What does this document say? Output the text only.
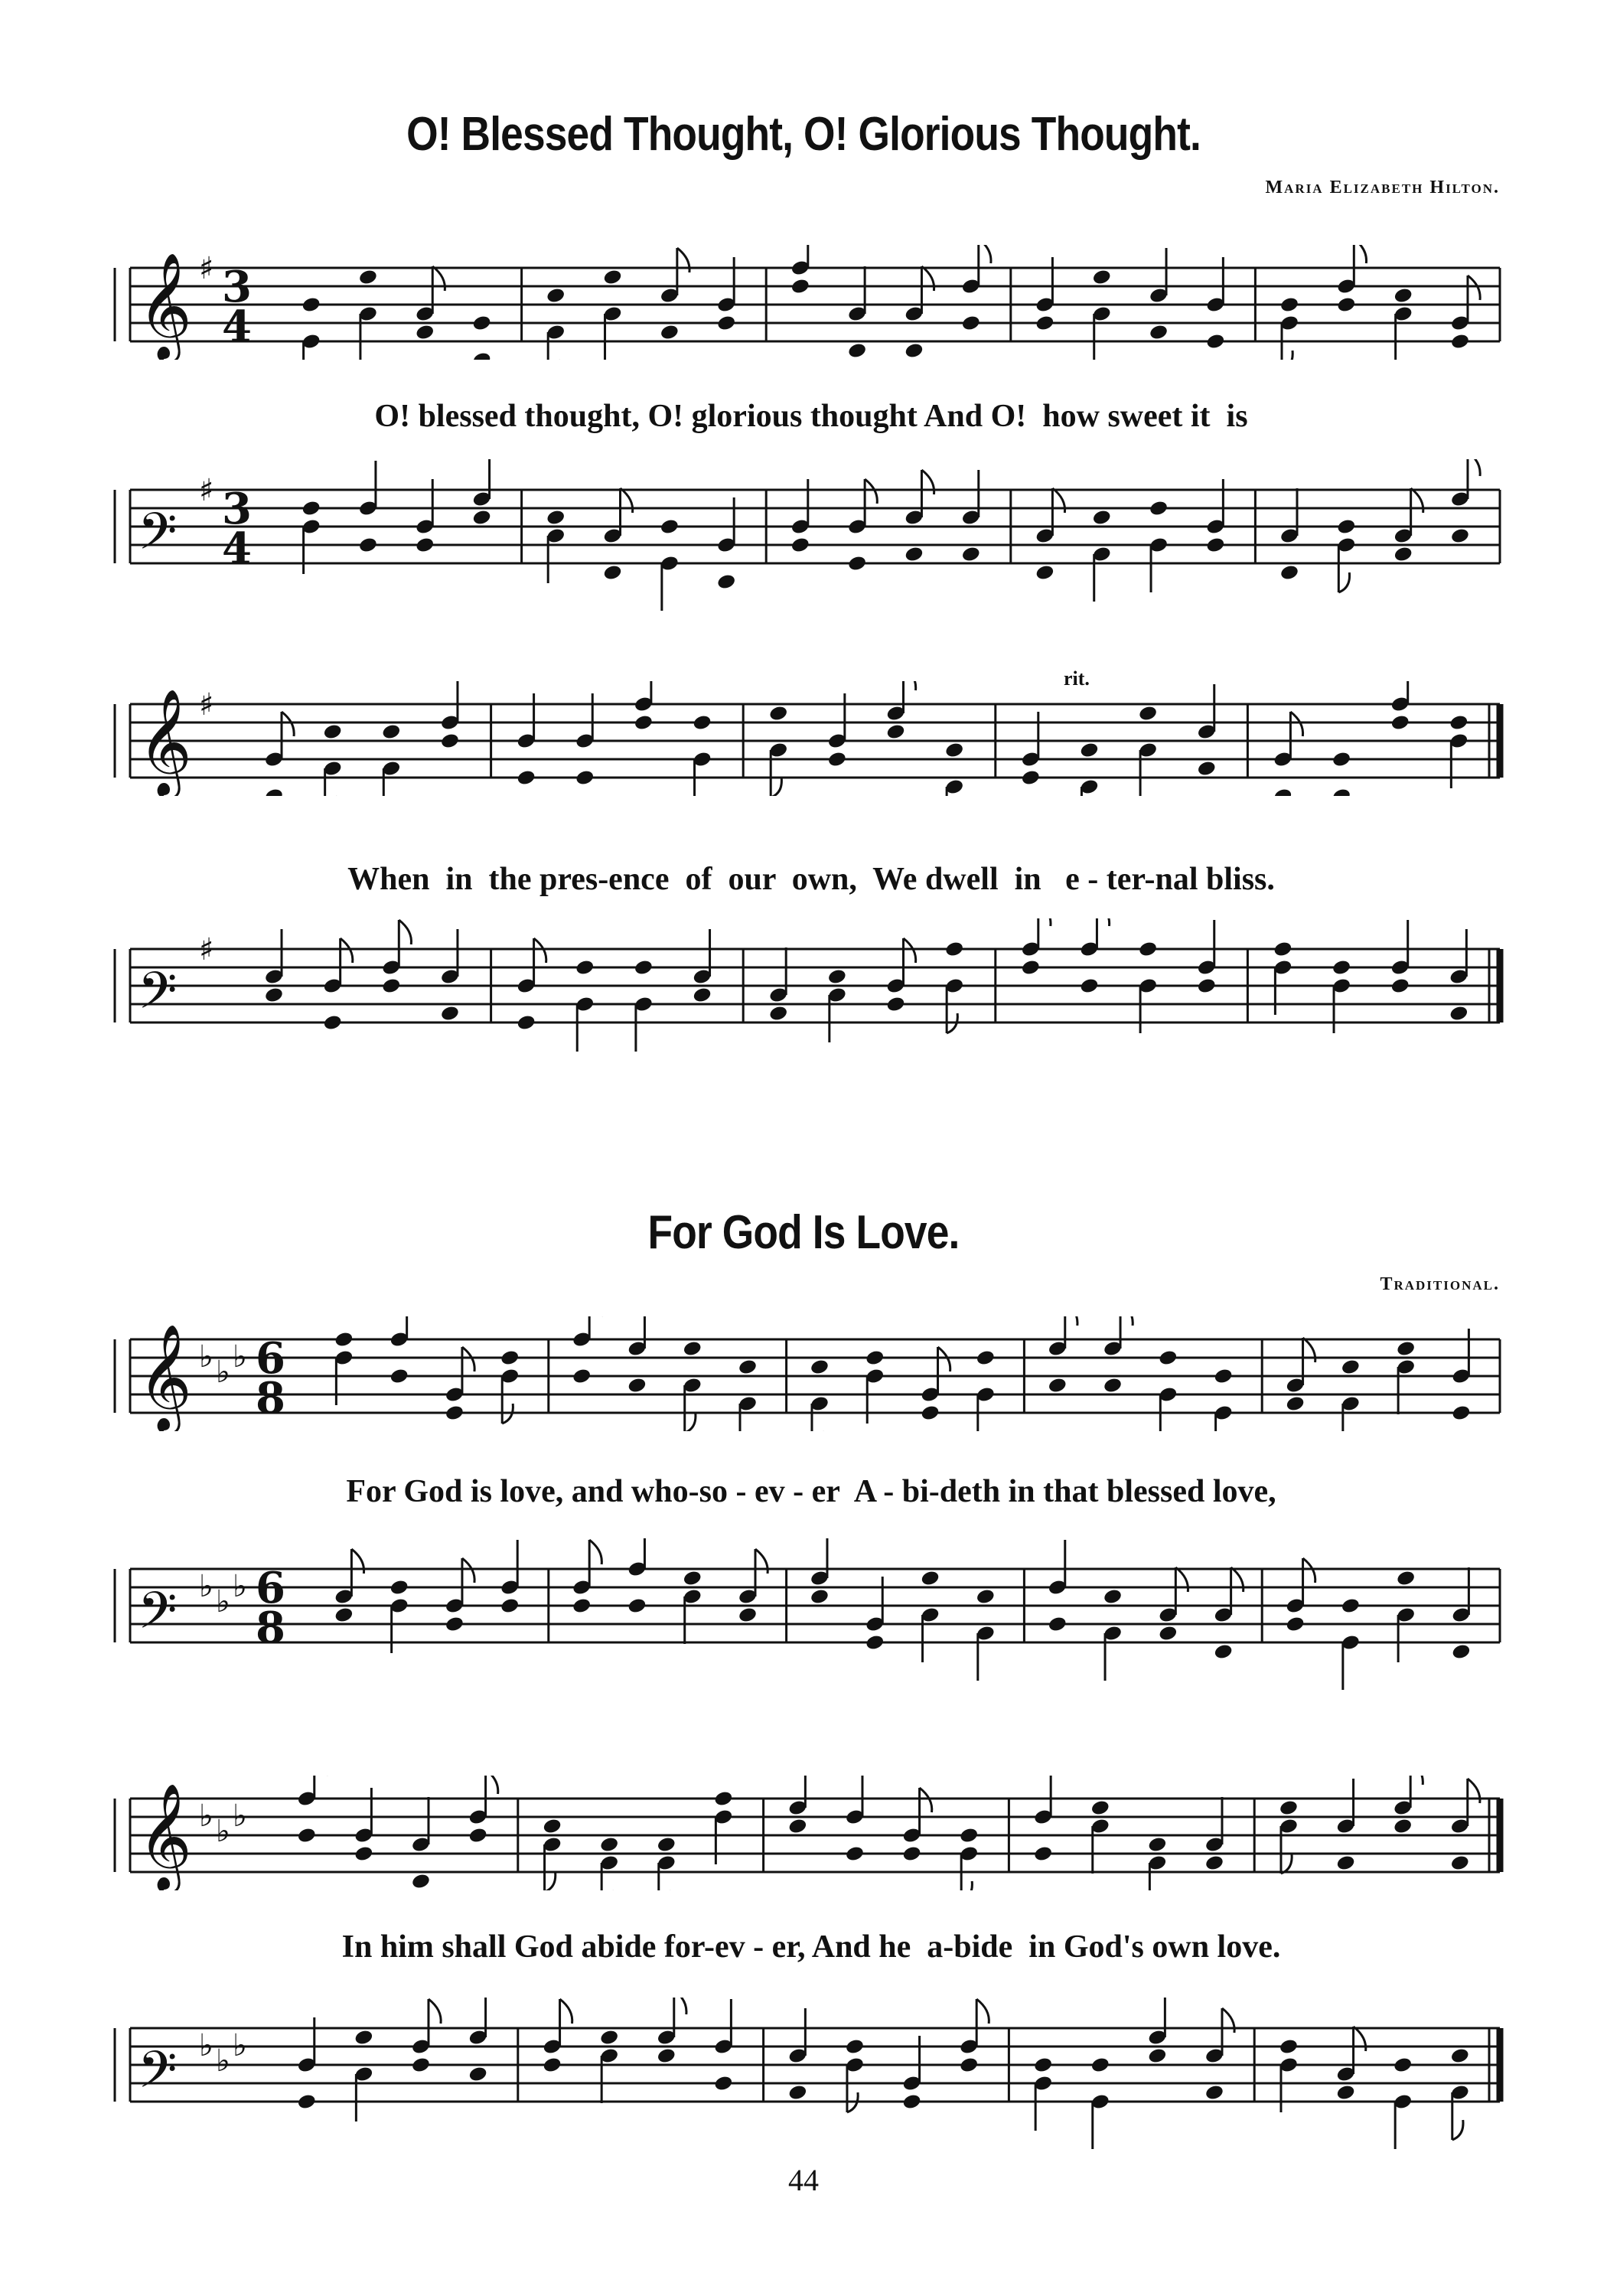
O! Blessed Thought, O! Glorious Thought.
Maria Elizabeth Hilton.
𝄞 ♯ 3
4
O! blessed thought, O! glorious thought And O!  how sweet it  is
𝄢
♯ 3
4
rit.
𝄞 ♯
When  in  the pres-ence  of  our  own,  We dwell  in   e - ter-nal bliss.
𝄢
♯
For God Is Love.
Traditional.
𝄞 ♭ ♭ ♭ 6
8
For God is love, and who-so - ev - er  A - bi-deth in that blessed love,
𝄢 ♭ ♭ ♭ 6
8
𝄞 ♭ ♭ ♭
In him shall God abide for-ev - er, And he  a-bide  in God's own love.
𝄢 ♭ ♭ ♭
44
